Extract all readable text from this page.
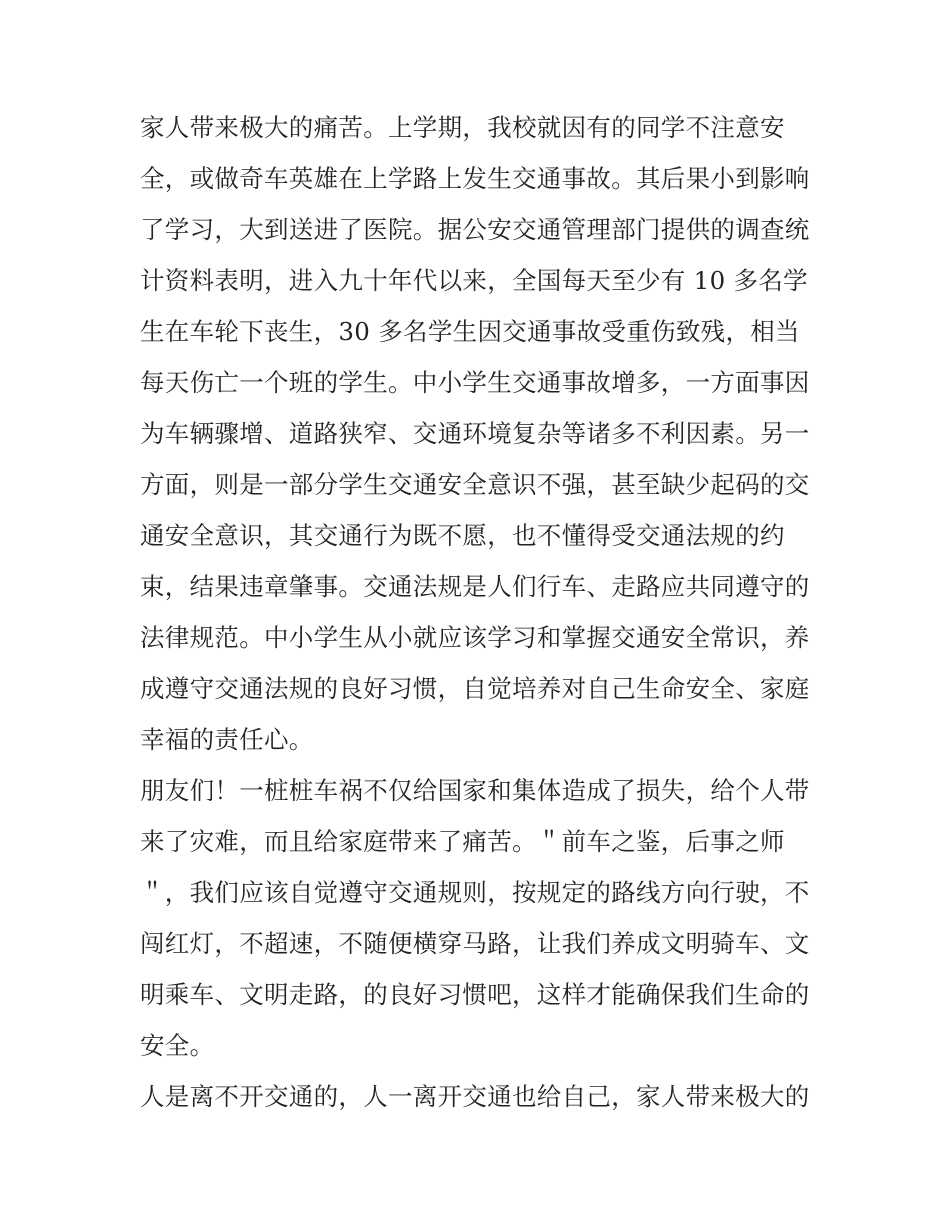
家人带来极大的痛苦。上学期，我校就因有的同学不注意安
全，或做奇车英雄在上学路上发生交通事故。其后果小到影响
了学习，大到送进了医院。据公安交通管理部门提供的调查统
计资料表明，进入九十年代以来，全国每天至少有 10 多名学
生在车轮下丧生，30 多名学生因交通事故受重伤致残，相当
每天伤亡一个班的学生。中小学生交通事故增多，一方面事因
为车辆骤增、道路狭窄、交通环境复杂等诸多不利因素。另一
方面，则是一部分学生交通安全意识不强，甚至缺少起码的交
通安全意识，其交通行为既不愿，也不懂得受交通法规的约
束，结果违章肇事。交通法规是人们行车、走路应共同遵守的
法律规范。中小学生从小就应该学习和掌握交通安全常识，养
成遵守交通法规的良好习惯，自觉培养对自己生命安全、家庭
幸福的责任心。
朋友们！一桩桩车祸不仅给国家和集体造成了损失，给个人带
来了灾难，而且给家庭带来了痛苦。＂前车之鉴，后事之师
＂，我们应该自觉遵守交通规则，按规定的路线方向行驶，不
闯红灯，不超速，不随便横穿马路，让我们养成文明骑车、文
明乘车、文明走路，的良好习惯吧，这样才能确保我们生命的
安全。
人是离不开交通的，人一离开交通也给自己，家人带来极大的
